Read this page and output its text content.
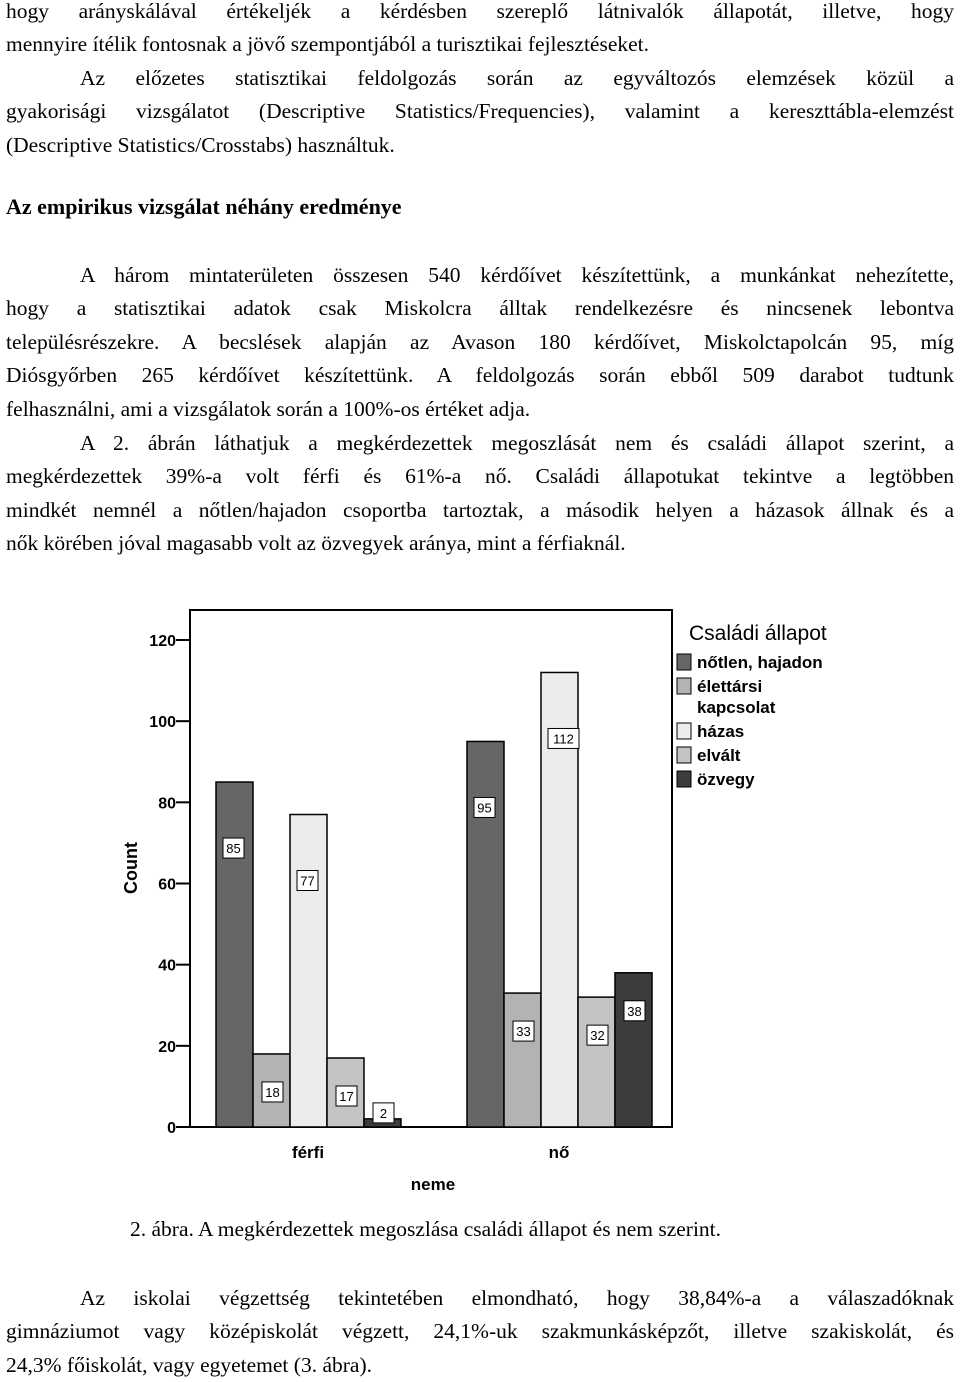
hogy arányskálával értékeljék a kérdésben szereplő látnivalók állapotát, illetve, hogy
mennyire ítélik fontosnak a jövő szempontjából a turisztikai fejlesztéseket.
Az előzetes statisztikai feldolgozás során az egyváltozós elemzések közül a
gyakorisági vizsgálatot (Descriptive Statistics/Frequencies), valamint a kereszttábla-elemzést
(Descriptive Statistics/Crosstabs) használtuk.
Az empirikus vizsgálat néhány eredménye
A három mintaterületen összesen 540 kérdőívet készítettünk, a munkánkat nehezítette,
hogy a statisztikai adatok csak Miskolcra álltak rendelkezésre és nincsenek lebontva
településrészekre. A becslések alapján az Avason 180 kérdőívet, Miskolctapolcán 95, míg
Diósgyőrben 265 kérdőívet készítettünk. A feldolgozás során ebből 509 darabot tudtunk
felhasználni, ami a vizsgálatok során a 100%-os értéket adja.
A 2. ábrán láthatjuk a megkérdezettek megoszlását nem és családi állapot szerint, a
megkérdezettek 39%-a volt férfi és 61%-a nő. Családi állapotukat tekintve a legtöbben
mindkét nemnél a nőtlen/hajadon csoportba tartoztak, a második helyen a házasok állnak és a
nők körében jóval magasabb volt az özvegyek aránya, mint a férfiaknál.
0
20
40
60
80
100
120
Count	85
18
77
17
2
férfi
95
33
112
32
38
nő
neme
Családi állapot
nőtlen, hajadon
élettársi
kapcsolat
házas
elvált
özvegy
2. ábra. A megkérdezettek megoszlása családi állapot és nem szerint.
Az iskolai végzettség tekintetében elmondható, hogy 38,84%-a a válaszadóknak
gimnáziumot vagy középiskolát végzett, 24,1%-uk szakmunkásképzőt, illetve szakiskolát, és
24,3% főiskolát, vagy egyetemet (3. ábra).
